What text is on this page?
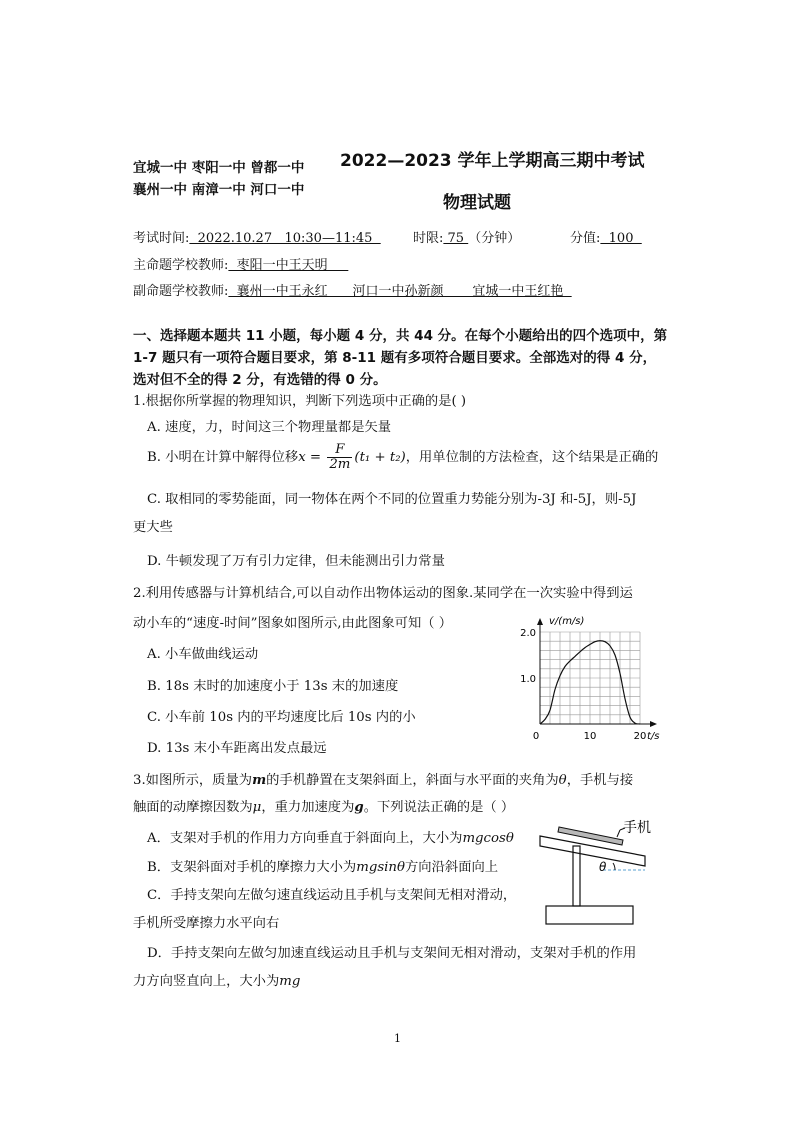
宜城一中 枣阳一中 曾都一中
襄州一中 南漳一中 河口一中
2022—2023 学年上学期高三期中考试
物理试题
考试时间:  2022.10.27   10:30—11:45 时限: 75 （分钟）	分值:  100
主命题学校教师:  枣阳一中王天明
副命题学校教师:  襄州一中王永红      河口一中孙新颜       宜城一中王红艳
一、选择题本题共 11 小题，每小题 4 分，共 44 分。在每个小题给出的四个选项中，第
1-7 题只有一项符合题目要求，第 8-11 题有多项符合题目要求。全部选对的得 4 分，
选对但不全的得 2 分，有选错的得 0 分。
1.根据你所掌握的物理知识，判断下列选项中正确的是( )
A. 速度，力，时间这三个物理量都是矢量
B. 小明在计算中解得位移$x = \frac{F}{2m} (t_1 + t_2)$，用单位制的方法检查，这个结果是正确的
C. 取相同的零势能面，同一物体在两个不同的位置重力势能分别为-3J 和-5J，则-5J
更大些
D. 牛顿发现了万有引力定律，但未能测出引力常量
2.利用传感器与计算机结合,可以自动作出物体运动的图象.某同学在一次实验中得到运
动小车的“速度-时间”图象如图所示,由此图象可知（ ）
A. 小车做曲线运动
B. 18s 末时的加速度小于 13s 末的加速度
C. 小车前 10s 内的平均速度比后 10s 内的小
D. 13s 末小车距离出发点最远
v/(m/s)
t/s
0	10	20
1.0
2.0
3.如图所示，质量为m的手机静置在支架斜面上，斜面与水平面的夹角为θ，手机与接
触面的动摩擦因数为μ，重力加速度为g。下列说法正确的是（ ）
A．支架对手机的作用力方向垂直于斜面向上，大小为mgcosθ
B．支架斜面对手机的摩擦力大小为mgsinθ方向沿斜面向上
C．手持支架向左做匀速直线运动且手机与支架间无相对滑动，
手机所受摩擦力水平向右
D．手持支架向左做匀加速直线运动且手机与支架间无相对滑动，支架对手机的作用
力方向竖直向上，大小为mg
手机
θ
1
